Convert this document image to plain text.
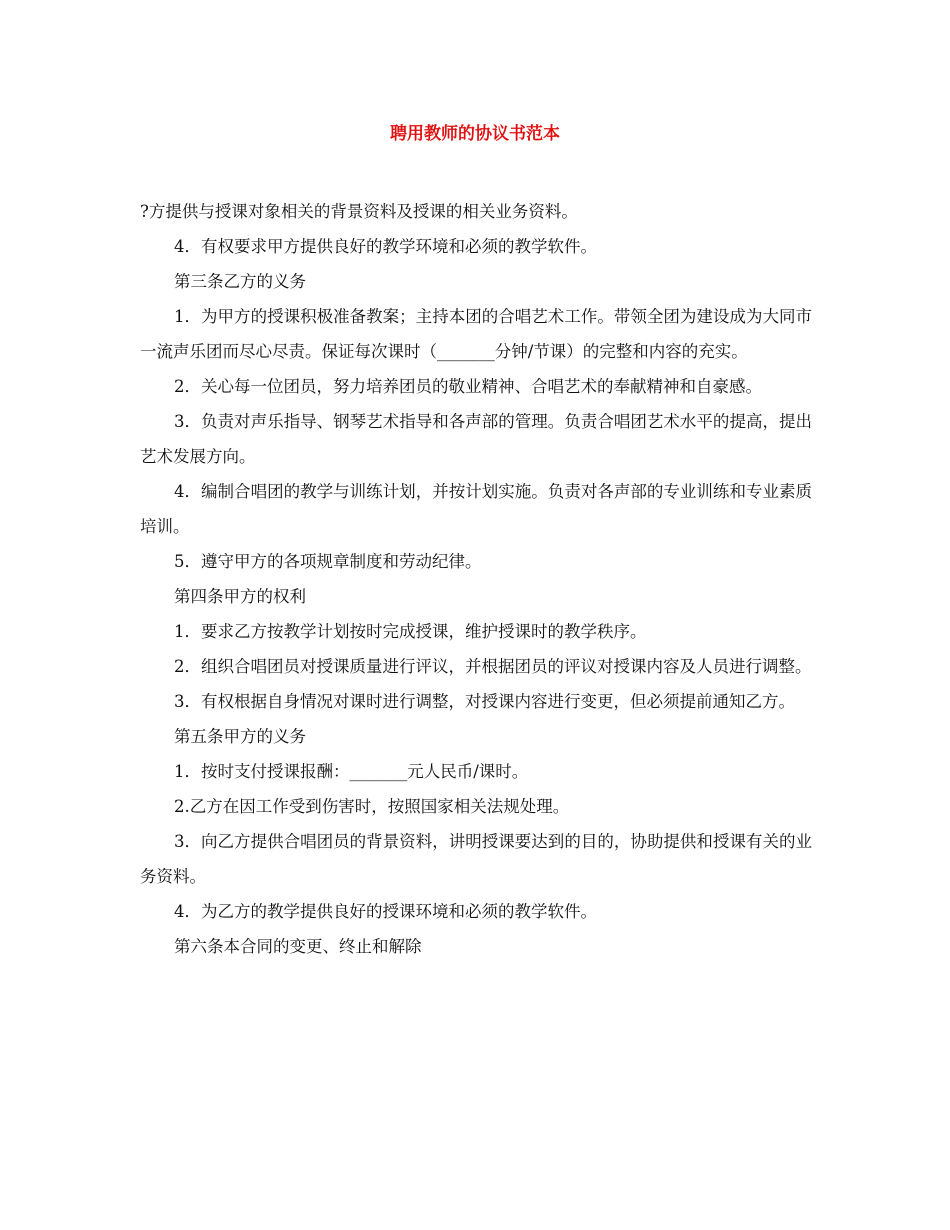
聘用教师的协议书范本

?方提供与授课对象相关的背景资料及授课的相关业务资料。

4．有权要求甲方提供良好的教学环境和必须的教学软件。

第三条乙方的义务

1．为甲方的授课积极准备教案；主持本团的合唱艺术工作。带领全团为建设成为大同市一流声乐团而尽心尽责。保证每次课时（_______分钟/节课）的完整和内容的充实。

2．关心每一位团员，努力培养团员的敬业精神、合唱艺术的奉献精神和自豪感。

3．负责对声乐指导、钢琴艺术指导和各声部的管理。负责合唱团艺术水平的提高，提出艺术发展方向。

4．编制合唱团的教学与训练计划，并按计划实施。负责对各声部的专业训练和专业素质培训。

5．遵守甲方的各项规章制度和劳动纪律。

第四条甲方的权利

1．要求乙方按教学计划按时完成授课，维护授课时的教学秩序。

2．组织合唱团员对授课质量进行评议，并根据团员的评议对授课内容及人员进行调整。

3．有权根据自身情况对课时进行调整，对授课内容进行变更，但必须提前通知乙方。

第五条甲方的义务

1．按时支付授课报酬：_______元人民币/课时。

2.乙方在因工作受到伤害时，按照国家相关法规处理。

3．向乙方提供合唱团员的背景资料，讲明授课要达到的目的，协助提供和授课有关的业务资料。

4．为乙方的教学提供良好的授课环境和必须的教学软件。

第六条本合同的变更、终止和解除
